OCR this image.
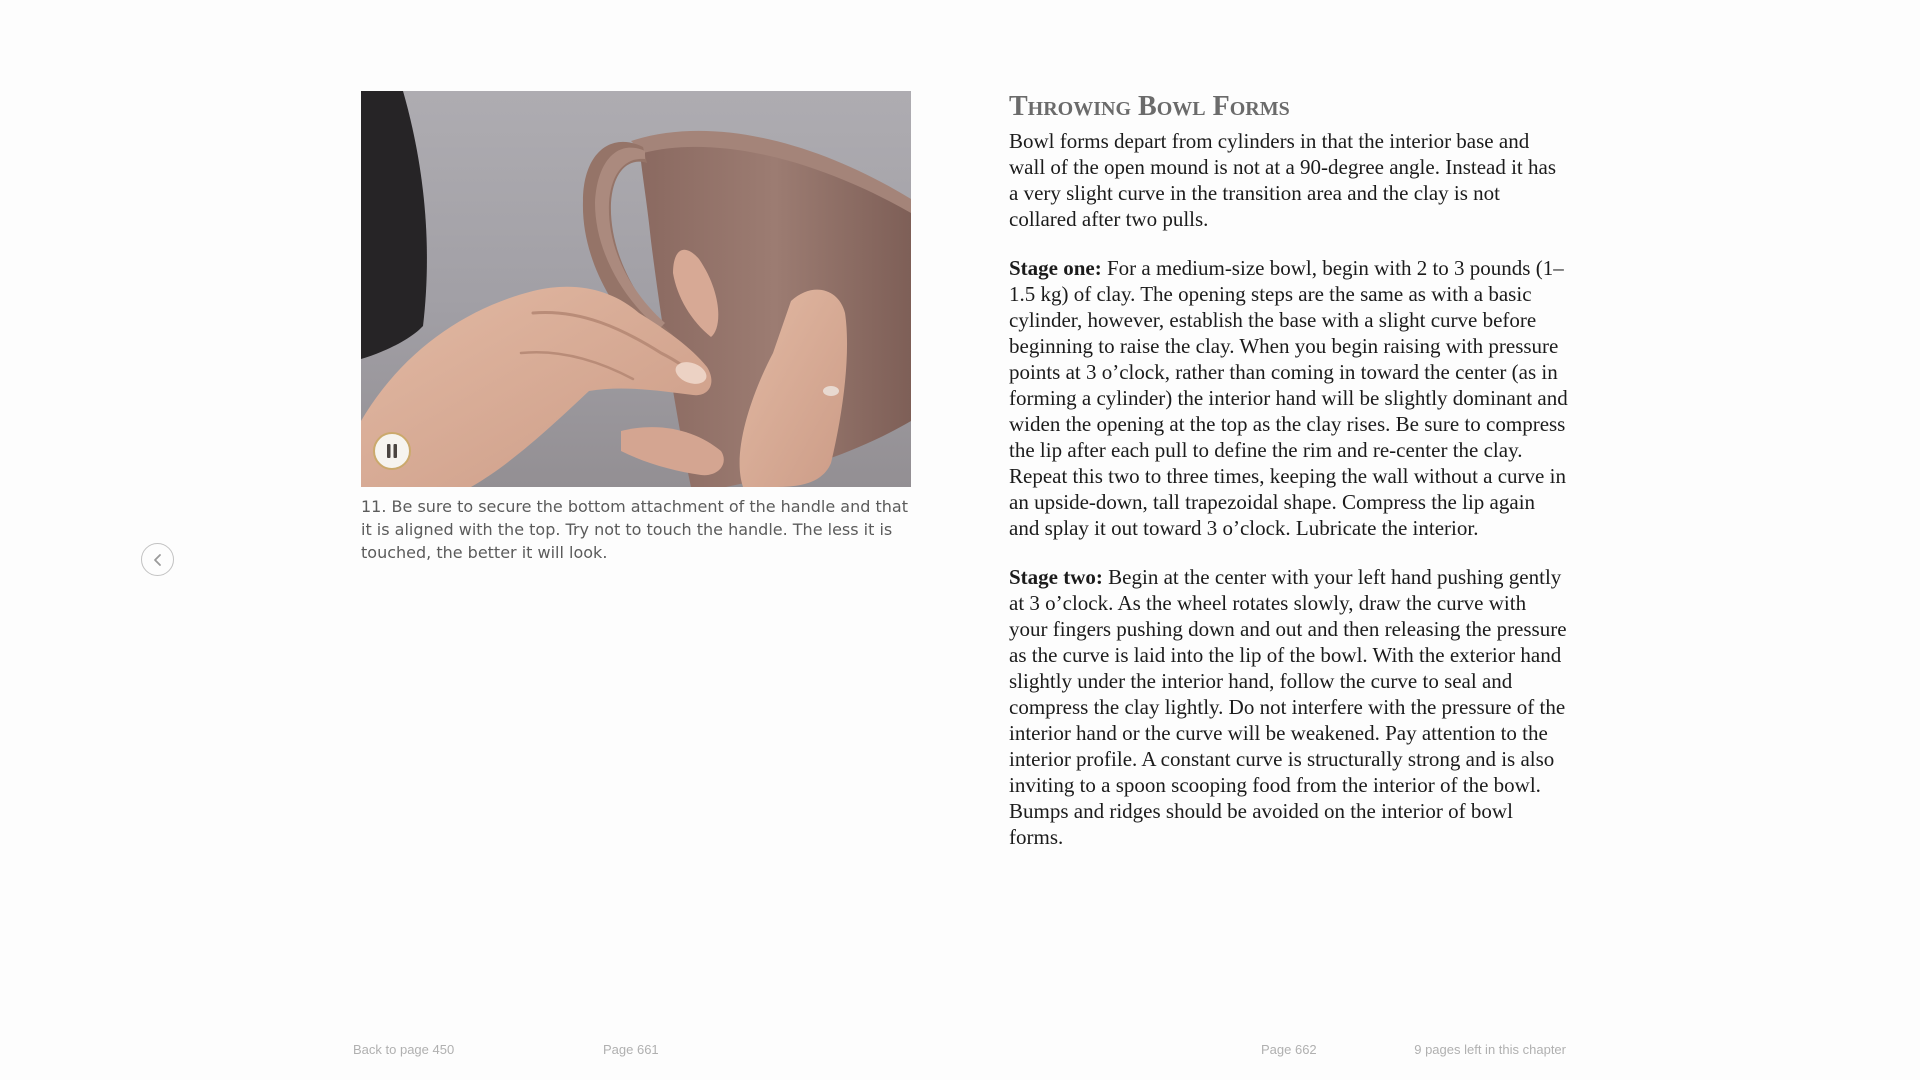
11. Be sure to secure the bottom attachment of the handle and that it is aligned with the top. Try not to touch the handle. The less it is touched, the better it will look.

Throwing Bowl Forms

Bowl forms depart from cylinders in that the interior base and wall of the open mound is not at a 90-degree angle. Instead it has a very slight curve in the transition area and the clay is not collared after two pulls.

Stage one: For a medium-size bowl, begin with 2 to 3 pounds (1–1.5 kg) of clay. The opening steps are the same as with a basic cylinder, however, establish the base with a slight curve before beginning to raise the clay. When you begin raising with pressure points at 3 o’clock, rather than coming in toward the center (as in forming a cylinder) the interior hand will be slightly dominant and widen the opening at the top as the clay rises. Be sure to compress the lip after each pull to define the rim and re-center the clay. Repeat this two to three times, keeping the wall without a curve in an upside-down, tall trapezoidal shape. Compress the lip again and splay it out toward 3 o’clock. Lubricate the interior.

Stage two: Begin at the center with your left hand pushing gently at 3 o’clock. As the wheel rotates slowly, draw the curve with your fingers pushing down and out and then releasing the pressure as the curve is laid into the lip of the bowl. With the exterior hand slightly under the interior hand, follow the curve to seal and compress the clay lightly. Do not interfere with the pressure of the interior hand or the curve will be weakened. Pay attention to the interior profile. A constant curve is structurally strong and is also inviting to a spoon scooping food from the interior of the bowl. Bumps and ridges should be avoided on the interior of bowl forms.

Back to page 450	Page 661	Page 662	9 pages left in this chapter
